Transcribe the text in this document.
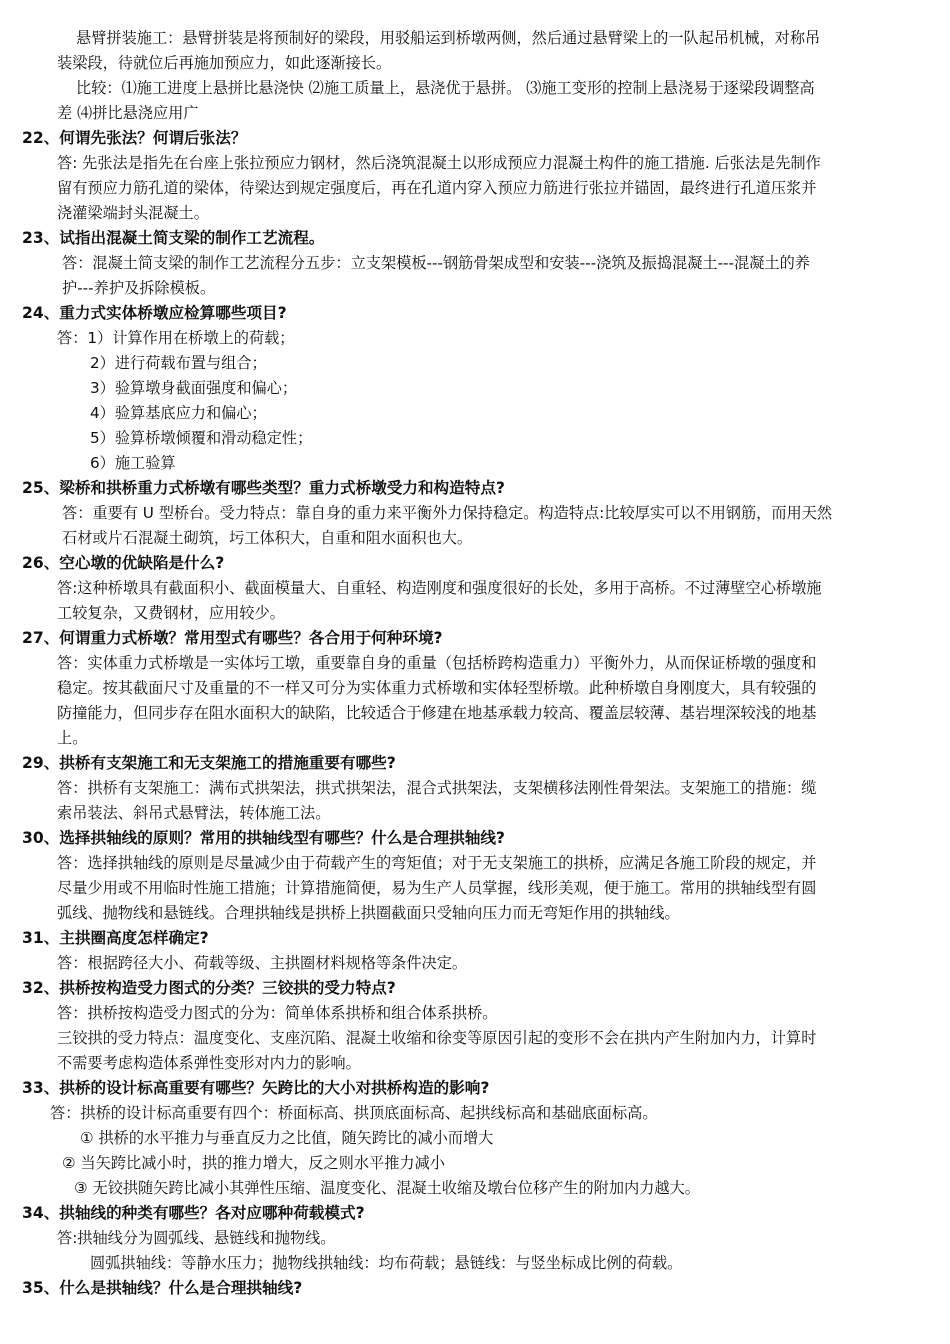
悬臂拼装施工：悬臂拼装是将预制好的梁段，用驳船运到桥墩两侧，然后通过悬臂梁上的一队起吊机械，对称吊
装梁段，待就位后再施加预应力，如此逐渐接长。
比较：⑴施工进度上悬拼比悬浇快 ⑵施工质量上，悬浇优于悬拼。 ⑶施工变形的控制上悬浇易于逐梁段调整高
差 ⑷拼比悬浇应用广
22、何谓先张法？何谓后张法？
答: 先张法是指先在台座上张拉预应力钢材，然后浇筑混凝土以形成预应力混凝土构件的施工措施. 后张法是先制作
留有预应力筋孔道的梁体，待梁达到规定强度后，再在孔道内穿入预应力筋进行张拉并锚固，最终进行孔道压浆并
浇灌梁端封头混凝土。
23、试指出混凝土简支梁的制作工艺流程。
答：混凝土简支梁的制作工艺流程分五步：立支架模板---钢筋骨架成型和安装---浇筑及振捣混凝土---混凝土的养
护---养护及拆除模板。
24、重力式实体桥墩应检算哪些项目?
答：1）计算作用在桥墩上的荷载；
2）进行荷载布置与组合；
3）验算墩身截面强度和偏心；
4）验算基底应力和偏心；
5）验算桥墩倾覆和滑动稳定性；
6）施工验算
25、梁桥和拱桥重力式桥墩有哪些类型？重力式桥墩受力和构造特点?
答：重要有 U 型桥台。受力特点：靠自身的重力来平衡外力保持稳定。构造特点:比较厚实可以不用钢筋，而用天然
石材或片石混凝土砌筑，圬工体积大，自重和阻水面积也大。
26、空心墩的优缺陷是什么?
答:这种桥墩具有截面积小、截面模量大、自重轻、构造刚度和强度很好的长处，多用于高桥。不过薄壁空心桥墩施
工较复杂，又费钢材，应用较少。
27、何谓重力式桥墩？常用型式有哪些？各合用于何种环境?
答：实体重力式桥墩是一实体圬工墩，重要靠自身的重量（包括桥跨构造重力）平衡外力，从而保证桥墩的强度和
稳定。按其截面尺寸及重量的不一样又可分为实体重力式桥墩和实体轻型桥墩。此种桥墩自身刚度大，具有较强的
防撞能力，但同步存在阻水面积大的缺陷，比较适合于修建在地基承载力较高、覆盖层较薄、基岩埋深较浅的地基
上。
29、拱桥有支架施工和无支架施工的措施重要有哪些?
答：拱桥有支架施工：满布式拱架法，拱式拱架法，混合式拱架法，支架横移法刚性骨架法。支架施工的措施：缆
索吊装法、斜吊式悬臂法，转体施工法。
30、选择拱轴线的原则？常用的拱轴线型有哪些？什么是合理拱轴线?
答：选择拱轴线的原则是尽量减少由于荷载产生的弯矩值；对于无支架施工的拱桥，应满足各施工阶段的规定，并
尽量少用或不用临时性施工措施；计算措施简便，易为生产人员掌握，线形美观，便于施工。常用的拱轴线型有圆
弧线、抛物线和悬链线。合理拱轴线是拱桥上拱圈截面只受轴向压力而无弯矩作用的拱轴线。
31、主拱圈高度怎样确定?
答：根据跨径大小、荷载等级、主拱圈材料规格等条件决定。
32、拱桥按构造受力图式的分类？三铰拱的受力特点?
答：拱桥按构造受力图式的分为：简单体系拱桥和组合体系拱桥。
三铰拱的受力特点：温度变化、支座沉陷、混凝土收缩和徐变等原因引起的变形不会在拱内产生附加内力，计算时
不需要考虑构造体系弹性变形对内力的影响。
33、拱桥的设计标高重要有哪些？矢跨比的大小对拱桥构造的影响?
答：拱桥的设计标高重要有四个：桥面标高、拱顶底面标高、起拱线标高和基础底面标高。
① 拱桥的水平推力与垂直反力之比值，随矢跨比的减小而增大
② 当矢跨比减小时，拱的推力增大，反之则水平推力减小
③ 无铰拱随矢跨比减小其弹性压缩、温度变化、混凝土收缩及墩台位移产生的附加内力越大。
34、拱轴线的种类有哪些？各对应哪种荷载模式?
答:拱轴线分为圆弧线、悬链线和抛物线。
圆弧拱轴线：等静水压力；抛物线拱轴线：均布荷载；悬链线：与竖坐标成比例的荷载。
35、什么是拱轴线？什么是合理拱轴线?
